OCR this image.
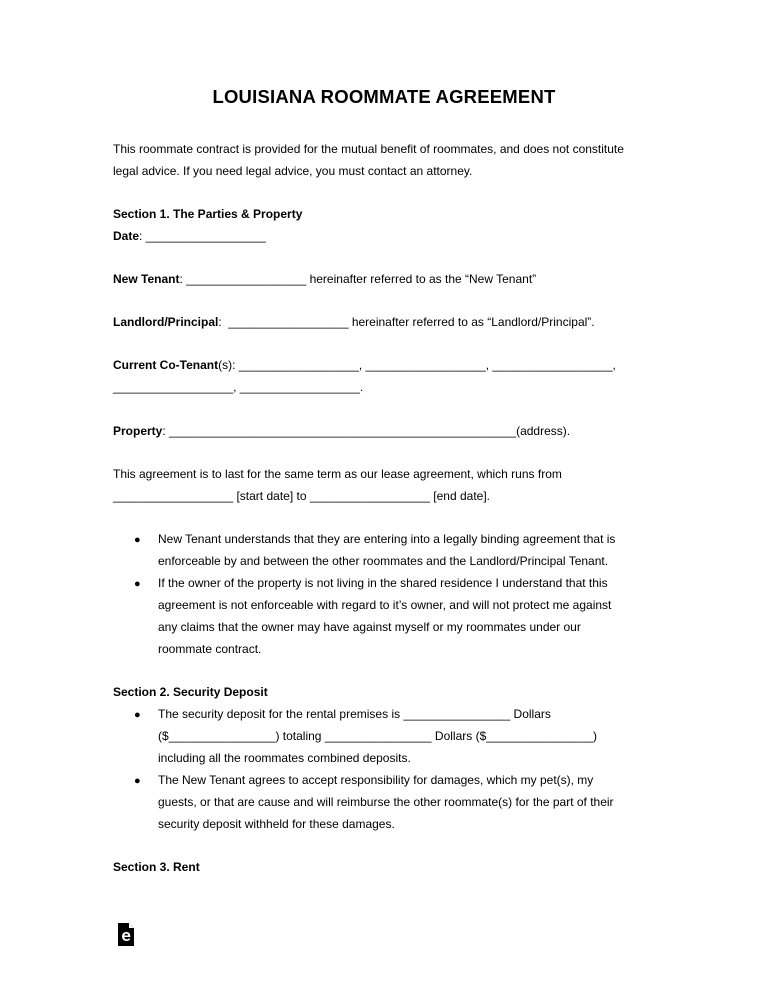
LOUISIANA ROOMMATE AGREEMENT
This roommate contract is provided for the mutual benefit of roommates, and does not constitute
legal advice. If you need legal advice, you must contact an attorney.
Section 1. The Parties & Property
Date: __________________
New Tenant: __________________ hereinafter referred to as the “New Tenant”
Landlord/Principal:  __________________ hereinafter referred to as “Landlord/Principal”.
Current Co-Tenant(s): __________________, __________________, __________________,
__________________, __________________.
Property: ____________________________________________________(address).
This agreement is to last for the same term as our lease agreement, which runs from
__________________ [start date] to __________________ [end date].
● New Tenant understands that they are entering into a legally binding agreement that is
enforceable by and between the other roommates and the Landlord/Principal Tenant.
● If the owner of the property is not living in the shared residence I understand that this
agreement is not enforceable with regard to it’s owner, and will not protect me against
any claims that the owner may have against myself or my roommates under our
roommate contract.
Section 2. Security Deposit
● The security deposit for the rental premises is ________________ Dollars
($________________) totaling ________________ Dollars ($________________)
including all the roommates combined deposits.
● The New Tenant agrees to accept responsibility for damages, which my pet(s), my
guests, or that are cause and will reimburse the other roommate(s) for the part of their
security deposit withheld for these damages.
Section 3. Rent
